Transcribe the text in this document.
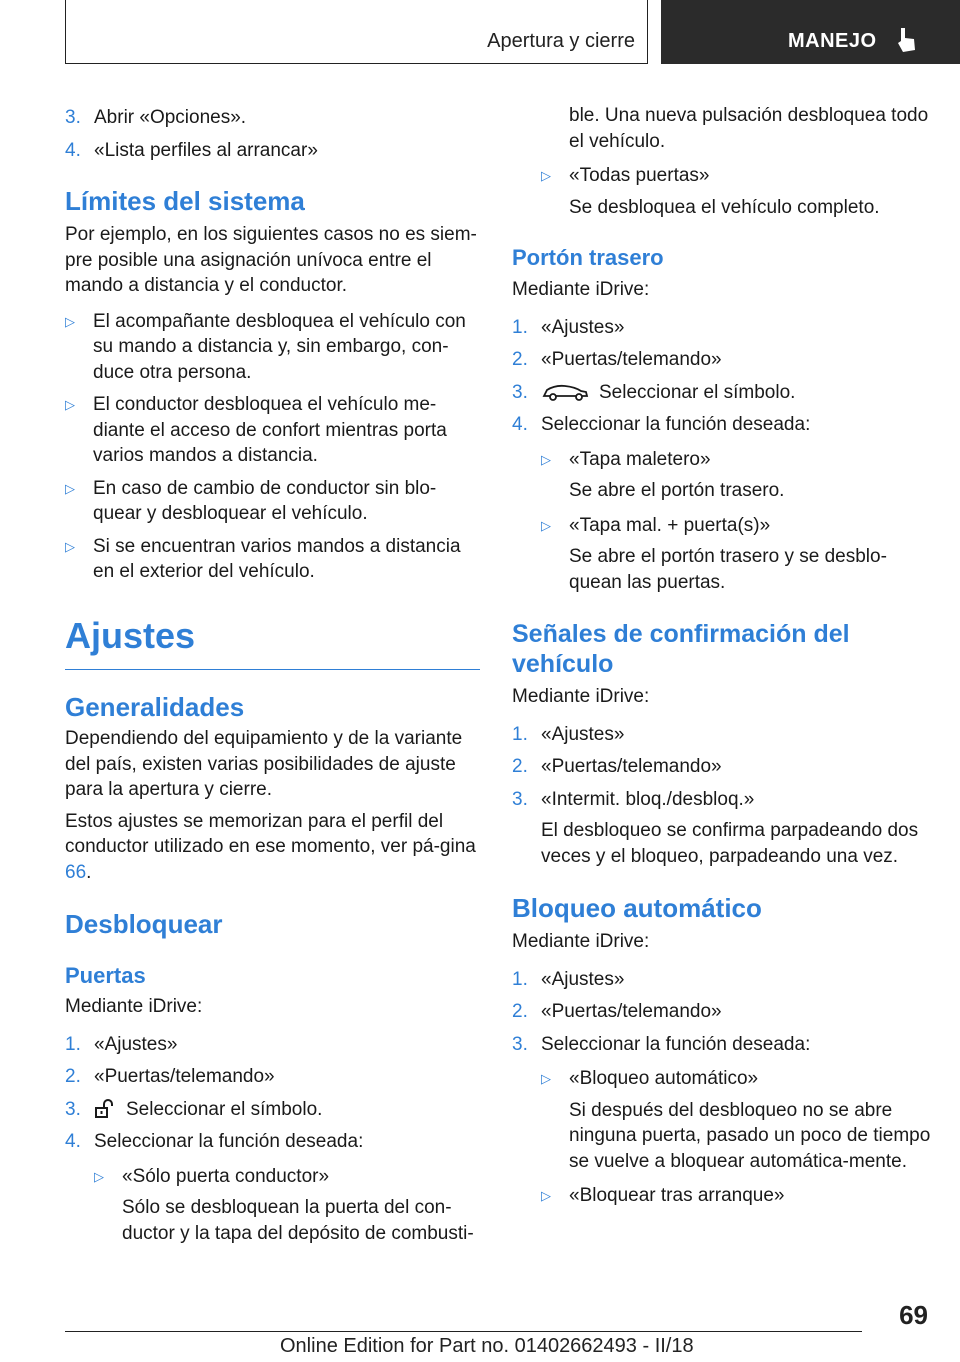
Apertura y cierre	MANEJO
3. Abrir «Opciones».
4. «Lista perfiles al arrancar»
Límites del sistema

Por ejemplo, en los siguientes casos no es siem-pre posible una asignación unívoca entre el mando a distancia y el conductor.

▷ El acompañante desbloquea el vehículo con su mando a distancia y, sin embargo, con-duce otra persona.
▷ El conductor desbloquea el vehículo me-diante el acceso de confort mientras porta varios mandos a distancia.
▷ En caso de cambio de conductor sin blo-quear y desbloquear el vehículo.
▷ Si se encuentran varios mandos a distancia en el exterior del vehículo.
Ajustes
Generalidades

Dependiendo del equipamiento y de la variante del país, existen varias posibilidades de ajuste para la apertura y cierre.

Estos ajustes se memorizan para el perfil del conductor utilizado en ese momento, ver pá-gina 66.

Desbloquear
Puertas

Mediante iDrive:

1. «Ajustes»
2. «Puertas/telemando»
3.	Seleccionar el símbolo.
4. Seleccionar la función deseada:
▷ «Sólo puerta conductor»

Sólo se desbloquean la puerta del con-ductor y la tapa del depósito de combusti-

ble. Una nueva pulsación desbloquea todo el vehículo.

▷ «Todas puertas»

Se desbloquea el vehículo completo.
Portón trasero

Mediante iDrive:

1. «Ajustes»
2. «Puertas/telemando»
3.	Seleccionar el símbolo.
4. Seleccionar la función deseada:
▷ «Tapa maletero»

Se abre el portón trasero.
▷ «Tapa mal. + puerta(s)»

Se abre el portón trasero y se desblo-quean las puertas.
Señales de confirmación del vehículo

Mediante iDrive:

1. «Ajustes»
2. «Puertas/telemando»
3. «Intermit. bloq./desbloq.»

El desbloqueo se confirma parpadeando dos veces y el bloqueo, parpadeando una vez.
Bloqueo automático

Mediante iDrive:

1. «Ajustes»
2. «Puertas/telemando»
3. Seleccionar la función deseada:
▷ «Bloqueo automático»

Si después del desbloqueo no se abre ninguna puerta, pasado un poco de tiempo se vuelve a bloquear automática-mente.
▷ «Bloquear tras arranque»
69
Online Edition for Part no. 01402662493 - II/18
